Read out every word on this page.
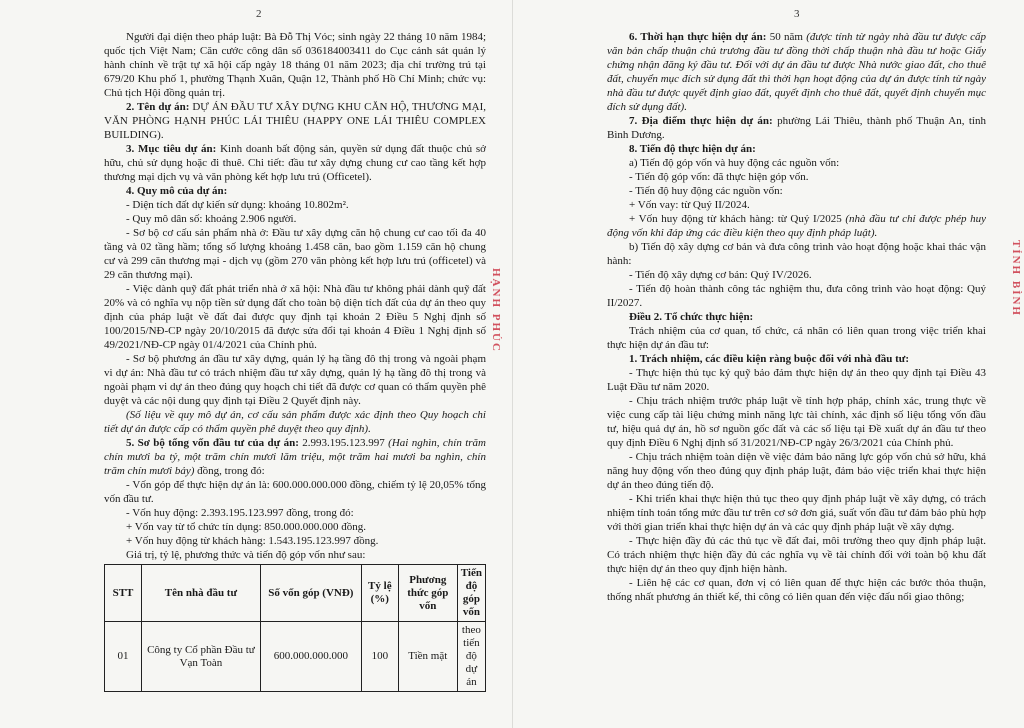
2

Người đại diện theo pháp luật: Bà Đỗ Thị Vóc; sinh ngày 22 tháng 10 năm 1984; quốc tịch Việt Nam; Căn cước công dân số 036184003411 do Cục cảnh sát quản lý hành chính về trật tự xã hội cấp ngày 18 tháng 01 năm 2023; địa chỉ trường trú tại 679/20 Khu phố 1, phường Thạnh Xuân, Quận 12, Thành phố Hồ Chí Minh; chức vụ: Chủ tịch Hội đồng quản trị.

2. Tên dự án: DỰ ÁN ĐẦU TƯ XÂY DỰNG KHU CĂN HỘ, THƯƠNG MẠI, VĂN PHÒNG HẠNH PHÚC LÁI THIÊU (HAPPY ONE LÁI THIÊU COMPLEX BUILDING).

3. Mục tiêu dự án: Kinh doanh bất động sản, quyền sử dụng đất thuộc chủ sở hữu, chủ sử dụng hoặc đi thuê. Chi tiết: đầu tư xây dựng chung cư cao tầng kết hợp thương mại dịch vụ và văn phòng kết hợp lưu trú (Officetel).

4. Quy mô của dự án:

- Diện tích đất dự kiến sử dụng: khoảng 10.802m².

- Quy mô dân số: khoảng 2.906 người.

- Sơ bộ cơ cấu sản phẩm nhà ở: Đầu tư xây dựng căn hộ chung cư cao tối đa 40 tầng và 02 tầng hầm; tổng số lượng khoảng 1.458 căn, bao gồm 1.159 căn hộ chung cư và 299 căn thương mại - dịch vụ (gồm 270 văn phòng kết hợp lưu trú (officetel) và 29 căn thương mại).

- Việc dành quỹ đất phát triển nhà ở xã hội: Nhà đầu tư không phải dành quỹ đất 20% và có nghĩa vụ nộp tiền sử dụng đất cho toàn bộ diện tích đất của dự án theo quy định của pháp luật về đất đai được quy định tại khoản 2 Điều 5 Nghị định số 100/2015/NĐ-CP ngày 20/10/2015 đã được sửa đổi tại khoản 4 Điều 1 Nghị định số 49/2021/NĐ-CP ngày 01/4/2021 của Chính phủ.

- Sơ bộ phương án đầu tư xây dựng, quản lý hạ tầng đô thị trong và ngoài phạm vi dự án: Nhà đầu tư có trách nhiệm đầu tư xây dựng, quản lý hạ tầng đô thị trong và ngoài phạm vi dự án theo đúng quy hoạch chi tiết đã được cơ quan có thẩm quyền phê duyệt và các nội dung quy định tại Điều 2 Quyết định này.

(Số liệu về quy mô dự án, cơ cấu sản phẩm được xác định theo Quy hoạch chi tiết dự án được cấp có thẩm quyền phê duyệt theo quy định).

5. Sơ bộ tổng vốn đầu tư của dự án: 2.993.195.123.997 (Hai nghìn, chín trăm chín mươi ba tỷ, một trăm chín mươi lăm triệu, một trăm hai mươi ba nghìn, chín trăm chín mươi bảy) đồng, trong đó:

- Vốn góp để thực hiện dự án là: 600.000.000.000 đồng, chiếm tỷ lệ 20,05% tổng vốn đầu tư.

- Vốn huy động: 2.393.195.123.997 đồng, trong đó:

+ Vốn vay từ tổ chức tín dụng: 850.000.000.000 đồng.

+ Vốn huy động từ khách hàng: 1.543.195.123.997 đồng.

Giá trị, tỷ lệ, phương thức và tiến độ góp vốn như sau:

STT	Tên nhà đầu tư	Số vốn góp (VNĐ)	Tỷ lệ (%)	Phương thức góp vốn	Tiến độ góp vốn
01	Công ty Cổ phần Đầu tư Vạn Toàn	600.000.000.000	100	Tiền mặt	theo tiến độ dự án
HẠNH PHÚC
3

6. Thời hạn thực hiện dự án: 50 năm (được tính từ ngày nhà đầu tư được cấp văn bản chấp thuận chủ trương đầu tư đồng thời chấp thuận nhà đầu tư hoặc Giấy chứng nhận đăng ký đầu tư. Đối với dự án đầu tư được Nhà nước giao đất, cho thuê đất, chuyển mục đích sử dụng đất thì thời hạn hoạt động của dự án được tính từ ngày nhà đầu tư được quyết định giao đất, quyết định cho thuê đất, quyết định chuyển mục đích sử dụng đất).

7. Địa điểm thực hiện dự án: phường Lái Thiêu, thành phố Thuận An, tỉnh Bình Dương.

8. Tiến độ thực hiện dự án:

a) Tiến độ góp vốn và huy động các nguồn vốn:

- Tiến độ góp vốn: đã thực hiện góp vốn.

- Tiến độ huy động các nguồn vốn:

+ Vốn vay: từ Quý II/2024.

+ Vốn huy động từ khách hàng: từ Quý I/2025 (nhà đầu tư chỉ được phép huy động vốn khi đáp ứng các điều kiện theo quy định pháp luật).

b) Tiến độ xây dựng cơ bản và đưa công trình vào hoạt động hoặc khai thác vận hành:

- Tiến độ xây dựng cơ bản: Quý IV/2026.

- Tiến độ hoàn thành công tác nghiệm thu, đưa công trình vào hoạt động: Quý II/2027.

Điều 2. Tổ chức thực hiện:

Trách nhiệm của cơ quan, tổ chức, cá nhân có liên quan trong việc triển khai thực hiện dự án đầu tư:

1. Trách nhiệm, các điều kiện ràng buộc đối với nhà đầu tư:

- Thực hiện thủ tục ký quỹ bảo đảm thực hiện dự án theo quy định tại Điều 43 Luật Đầu tư năm 2020.

- Chịu trách nhiệm trước pháp luật về tính hợp pháp, chính xác, trung thực về việc cung cấp tài liệu chứng minh năng lực tài chính, xác định số liệu tổng vốn đầu tư, hiệu quả dự án, hồ sơ nguồn gốc đất và các số liệu tại Đề xuất dự án đầu tư theo quy định Điều 6 Nghị định số 31/2021/NĐ-CP ngày 26/3/2021 của Chính phủ.

- Chịu trách nhiệm toàn diện về việc đảm bảo năng lực góp vốn chủ sở hữu, khả năng huy động vốn theo đúng quy định pháp luật, đảm bảo việc triển khai thực hiện dự án theo đúng tiến độ.

- Khi triển khai thực hiện thủ tục theo quy định pháp luật về xây dựng, có trách nhiệm tính toán tổng mức đầu tư trên cơ sở đơn giá, suất vốn đầu tư đảm bảo phù hợp với thời gian triển khai thực hiện dự án và các quy định pháp luật về xây dựng.

- Thực hiện đầy đủ các thủ tục về đất đai, môi trường theo quy định pháp luật. Có trách nhiệm thực hiện đầy đủ các nghĩa vụ về tài chính đối với toàn bộ khu đất thực hiện dự án theo quy định hiện hành.

- Liên hệ các cơ quan, đơn vị có liên quan để thực hiện các bước thỏa thuận, thống nhất phương án thiết kế, thi công có liên quan đến việc đấu nối giao thông;

TỈNH BÌNH
